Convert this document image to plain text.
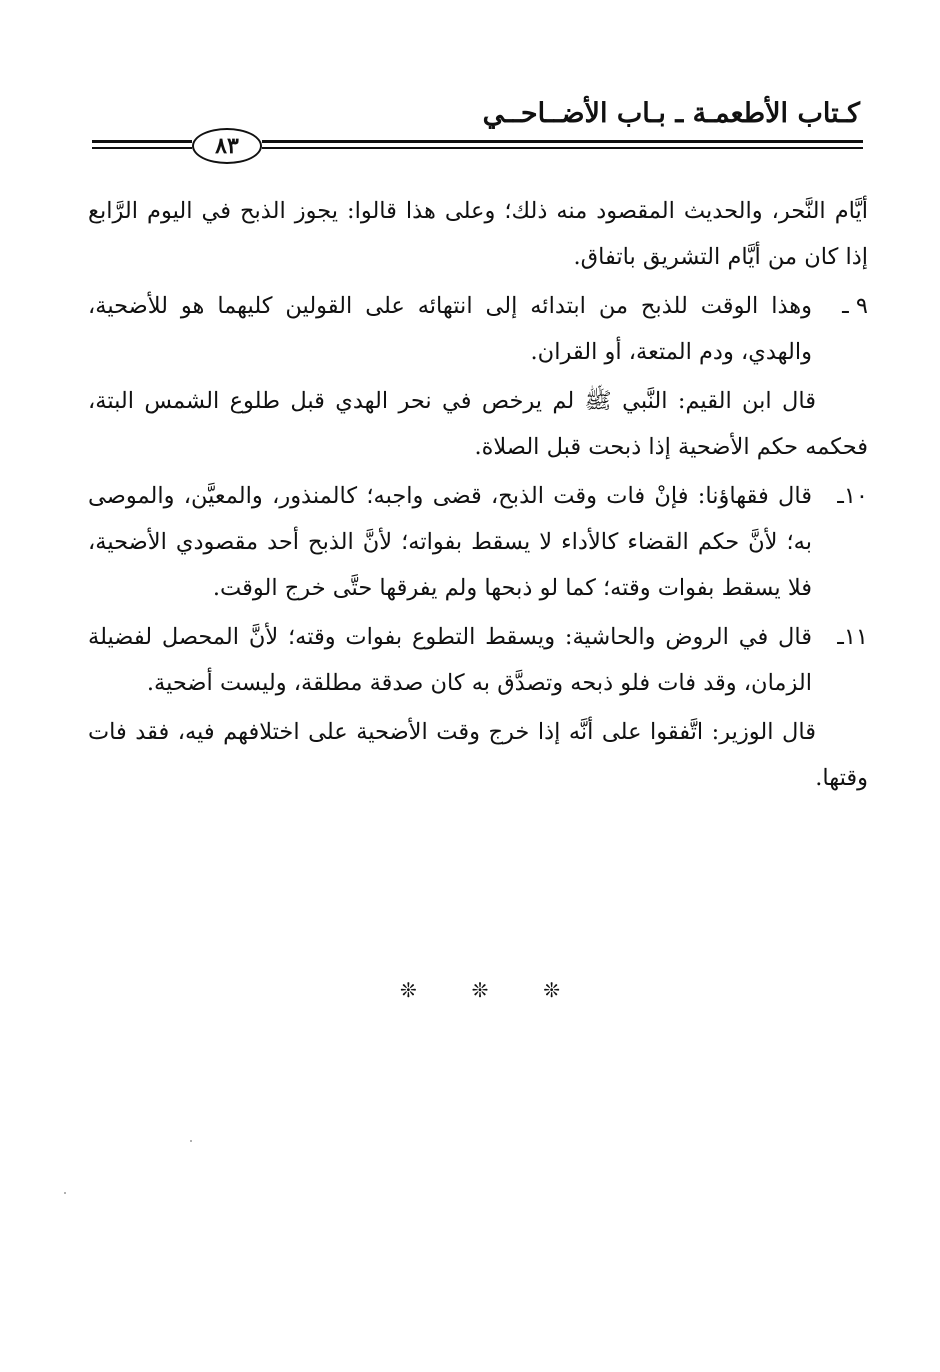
كـتاب الأطعمـة ـ بـاب الأضــاحــي
٨٣

أيَّام النَّحر، والحديث المقصود منه ذلك؛ وعلى هذا قالوا: يجوز الذبح في اليوم الرَّابع إذا كان من أيَّام التشريق باتفاق.

٩ ـ
وهذا الوقت للذبح من ابتدائه إلى انتهائه على القولين كليهما هو للأضحية، والهدي، ودم المتعة، أو القران.

قال ابن القيم: النَّبي ﷺ لم يرخص في نحر الهدي قبل طلوع الشمس البتة، فحكمه حكم الأضحية إذا ذبحت قبل الصلاة.

١٠ـ
قال فقهاؤنا: فإنْ فات وقت الذبح، قضى واجبه؛ كالمنذور، والمعيَّن، والموصى به؛ لأنَّ حكم القضاء كالأداء لا يسقط بفواته؛ لأنَّ الذبح أحد مقصودي الأضحية، فلا يسقط بفوات وقته؛ كما لو ذبحها ولم يفرقها حتَّى خرج الوقت.
١١ـ
قال في الروض والحاشية: ويسقط التطوع بفوات وقته؛ لأنَّ المحصل لفضيلة الزمان، وقد فات فلو ذبحه وتصدَّق به كان صدقة مطلقة، وليست أضحية.

قال الوزير: اتَّفقوا على أنَّه إذا خرج وقت الأضحية على اختلافهم فيه، فقد فات وقتها.

❊
❊
❊
